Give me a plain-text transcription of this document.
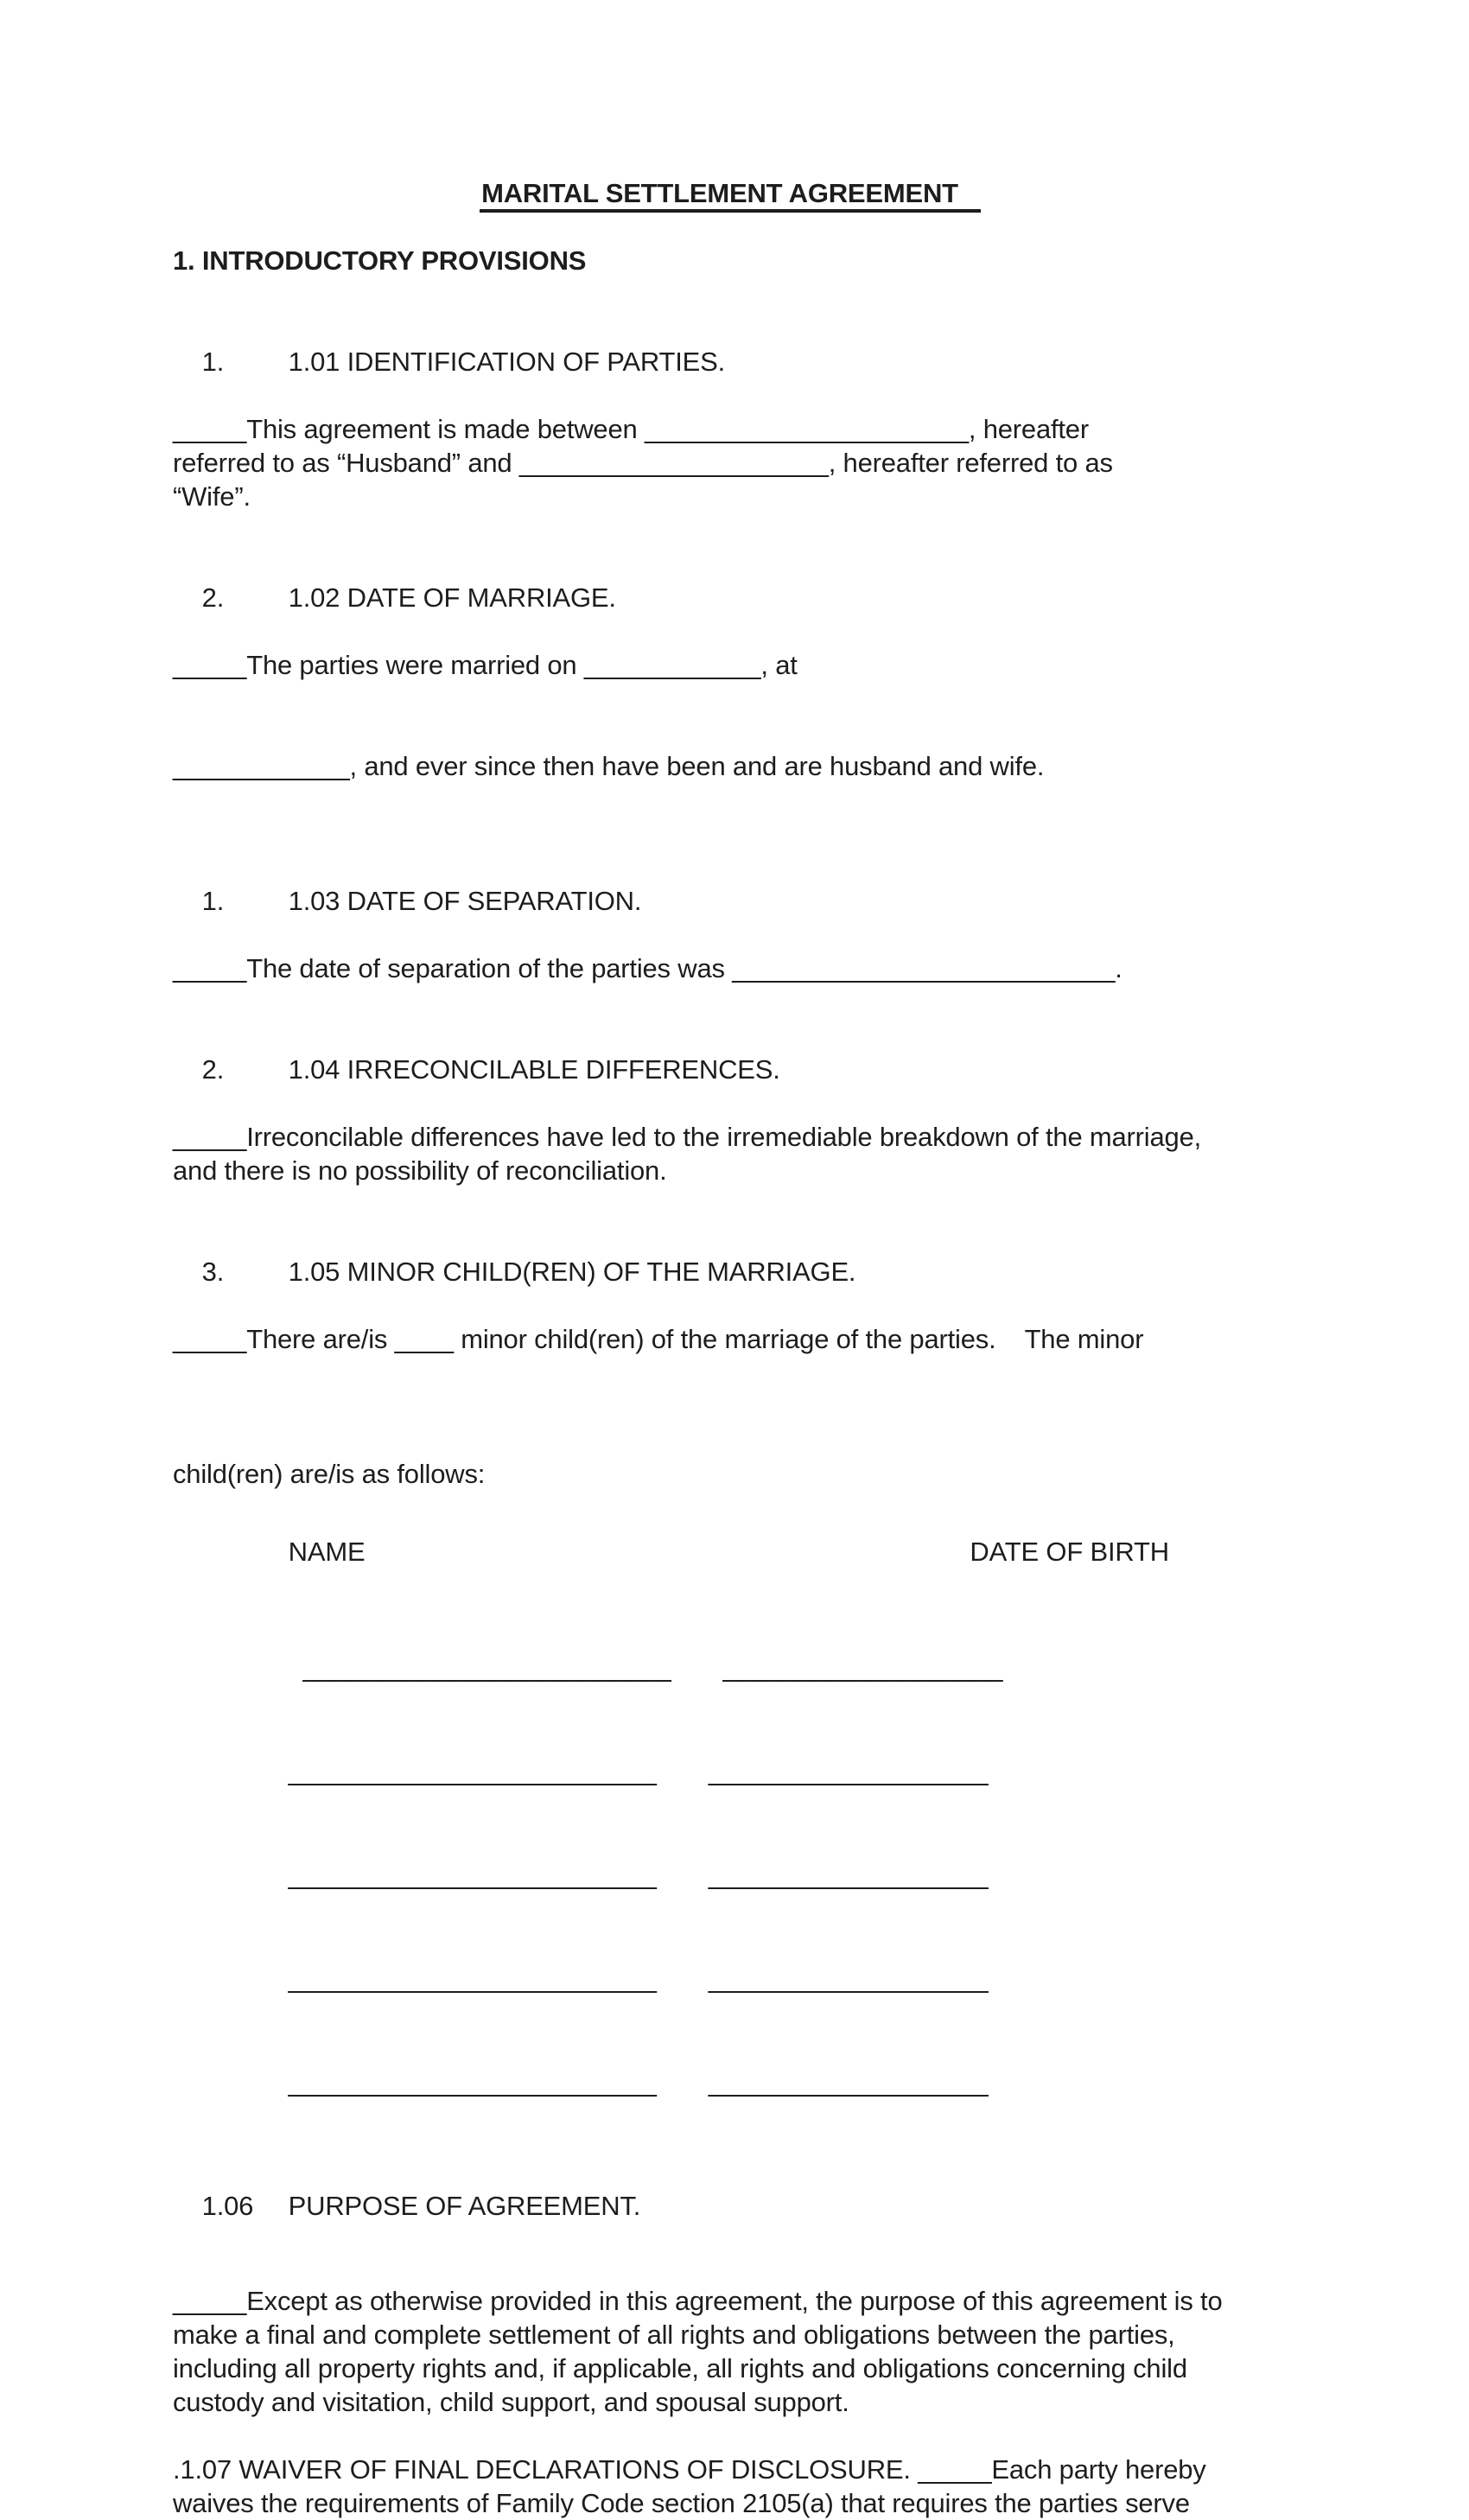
MARITAL SETTLEMENT AGREEMENT
1. INTRODUCTORY PROVISIONS

1. 1.01 IDENTIFICATION OF PARTIES.

_____This agreement is made between ______________________, hereafter
referred to as “Husband” and _____________________, hereafter referred to as
“Wife”.

2. 1.02 DATE OF MARRIAGE.

_____The parties were married on ____________, at
____________, and ever since then have been and are husband and wife.

1. 1.03 DATE OF SEPARATION.

_____The date of separation of the parties was __________________________.

2. 1.04 IRRECONCILABLE DIFFERENCES.

_____Irreconcilable differences have led to the irremediable breakdown of the marriage,
and there is no possibility of reconciliation.

3. 1.05 MINOR CHILD(REN) OF THE MARRIAGE.

_____There are/is ____ minor child(ren) of the marriage of the parties.    The minor
child(ren) are/is as follows:

NAME	DATE OF BIRTH

_________________________ ___________________

_________________________ ___________________

_________________________ ___________________

_________________________ ___________________

_________________________ ___________________

1.06 PURPOSE OF AGREEMENT.

_____Except as otherwise provided in this agreement, the purpose of this agreement is to
make a final and complete settlement of all rights and obligations between the parties,
including all property rights and, if applicable, all rights and obligations concerning child
custody and visitation, child support, and spousal support.
.1.07 WAIVER OF FINAL DECLARATIONS OF DISCLOSURE. _____Each party hereby
waives the requirements of Family Code section 2105(a) that requires the parties serve
